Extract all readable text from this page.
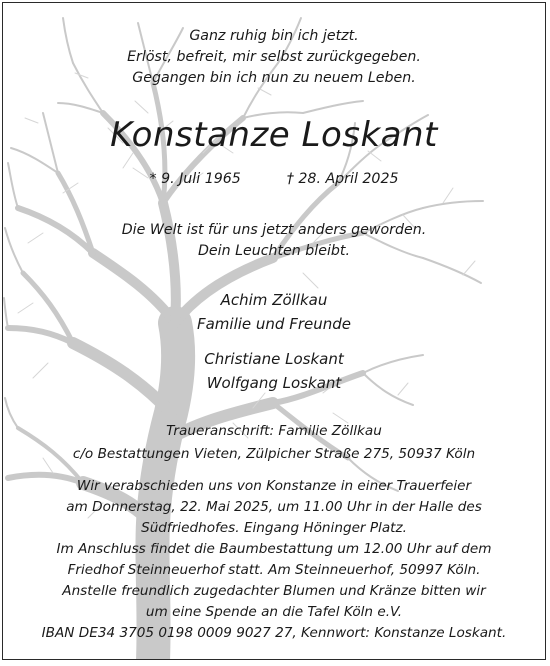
Ganz ruhig bin ich jetzt.
Erlöst, befreit, mir selbst zurückgegeben.
Gegangen bin ich nun zu neuem Leben.
Konstanze Loskant
* 9. Juli 1965	† 28. April 2025
Die Welt ist für uns jetzt anders geworden.
Dein Leuchten bleibt.
Achim Zöllkau
Familie und Freunde
Christiane Loskant
Wolfgang Loskant
Traueranschrift: Familie Zöllkau
c/o Bestattungen Vieten, Zülpicher Straße 275, 50937 Köln
Wir verabschieden uns von Konstanze in einer Trauerfeier
am Donnerstag, 22. Mai 2025, um 11.00 Uhr in der Halle des
Südfriedhofes. Eingang Höninger Platz.
Im Anschluss findet die Baumbestattung um 12.00 Uhr auf dem
Friedhof Steinneuerhof statt. Am Steinneuerhof, 50997 Köln.
Anstelle freundlich zugedachter Blumen und Kränze bitten wir
um eine Spende an die Tafel Köln e.V.
IBAN DE34 3705 0198 0009 9027 27, Kennwort: Konstanze Loskant.
